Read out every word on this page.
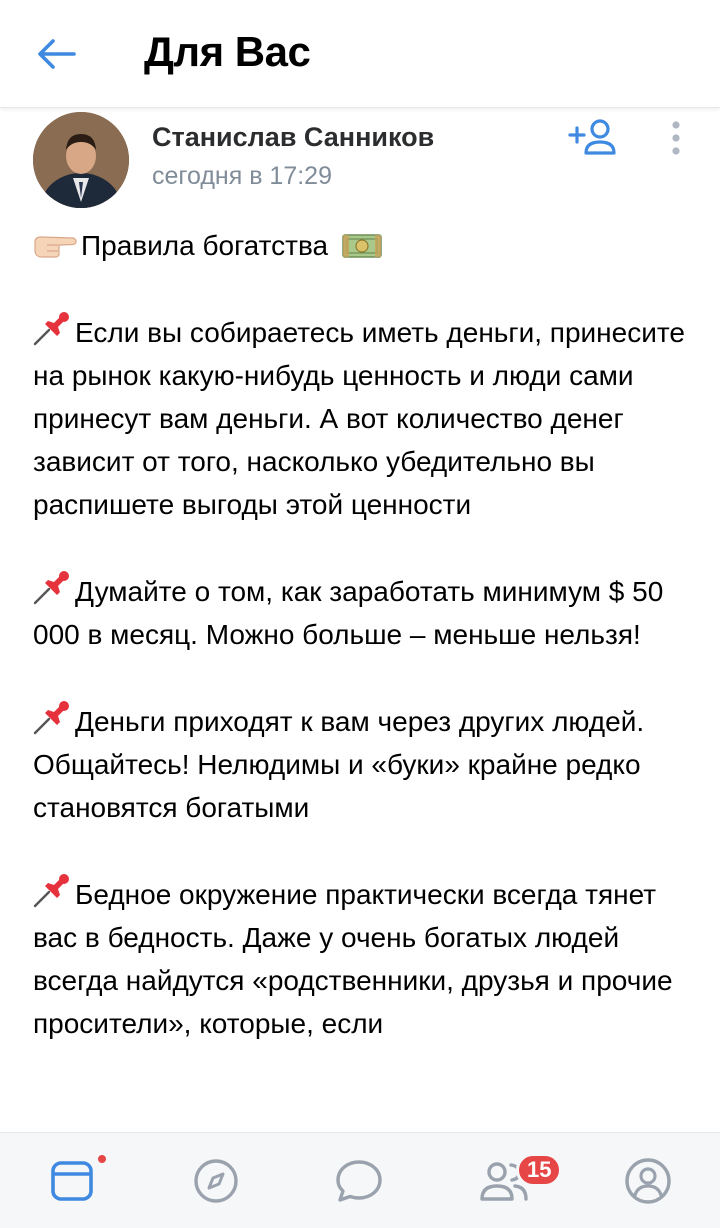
Для Вас
Станислав Санников
сегодня в 17:29
Правила богатства
Если вы собираетесь иметь деньги, принесите на рынок какую-нибудь ценность и люди сами принесут вам деньги. А вот количество денег зависит от того, насколько убедительно вы распишете выгоды этой ценности
Думайте о том, как заработать минимум $ 50 000 в месяц. Можно больше – меньше нельзя!
Деньги приходят к вам через других людей. Общайтесь! Нелюдимы и «буки» крайне редко становятся богатыми
Бедное окружение практически всегда тянет вас в бедность. Даже у очень богатых людей всегда найдутся «родственники, друзья и прочие просители», которые, если
15
